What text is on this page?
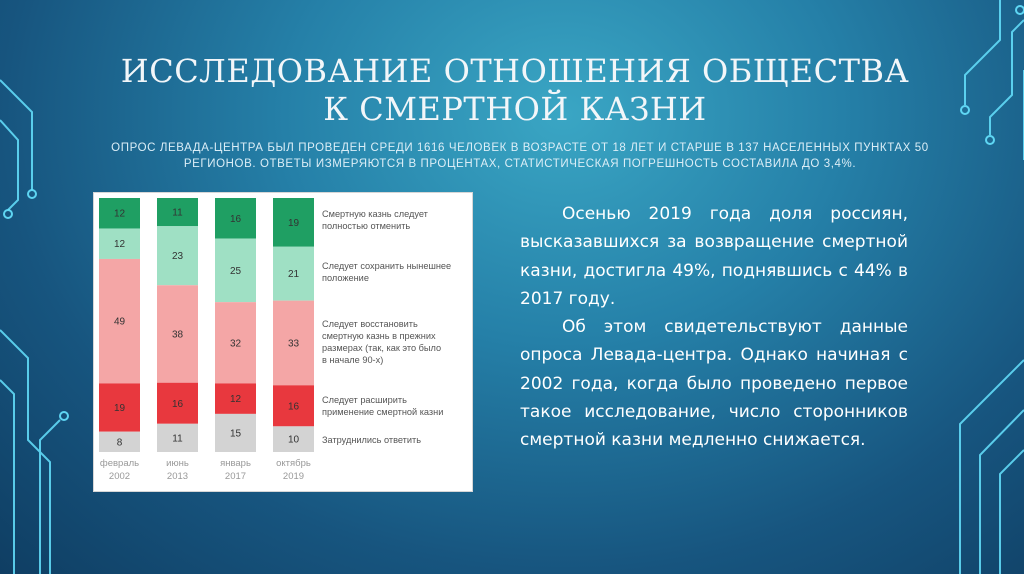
ИССЛЕДОВАНИЕ ОТНОШЕНИЯ ОБЩЕСТВА К СМЕРТНОЙ КАЗНИ
ОПРОС ЛЕВАДА-ЦЕНТРА БЫЛ ПРОВЕДЕН СРЕДИ 1616 ЧЕЛОВЕК В ВОЗРАСТЕ ОТ 18 ЛЕТ И СТАРШЕ В 137 НАСЕЛЕННЫХ ПУНКТАХ 50 РЕГИОНОВ. ОТВЕТЫ ИЗМЕРЯЮТСЯ В ПРОЦЕНТАХ, СТАТИСТИЧЕСКАЯ ПОГРЕШНОСТЬ СОСТАВИЛА ДО 3,4%.
12
12
49
19
8
февраль
2002
11
23
38
16
11
июнь
2013
16
25
32
12
15
январь
2017
19
21
33
16
10
октябрь
2019
Смертную казнь следует полностью отменить
Следует сохранить нынешнее положение
Следует восстановить смертную казнь в прежних размерах (так, как это было в начале 90-х)
Следует расширить применение смертной казни
Затруднились ответить

Осенью 2019 года доля россиян, высказавшихся за возвращение смертной казни, достигла 49%, поднявшись с 44% в 2017 году.

Об этом свидетельствуют данные опроса Левада-центра. Однако начиная с 2002 года, когда было проведено первое такое исследование, число сторонников смертной казни медленно снижается.
